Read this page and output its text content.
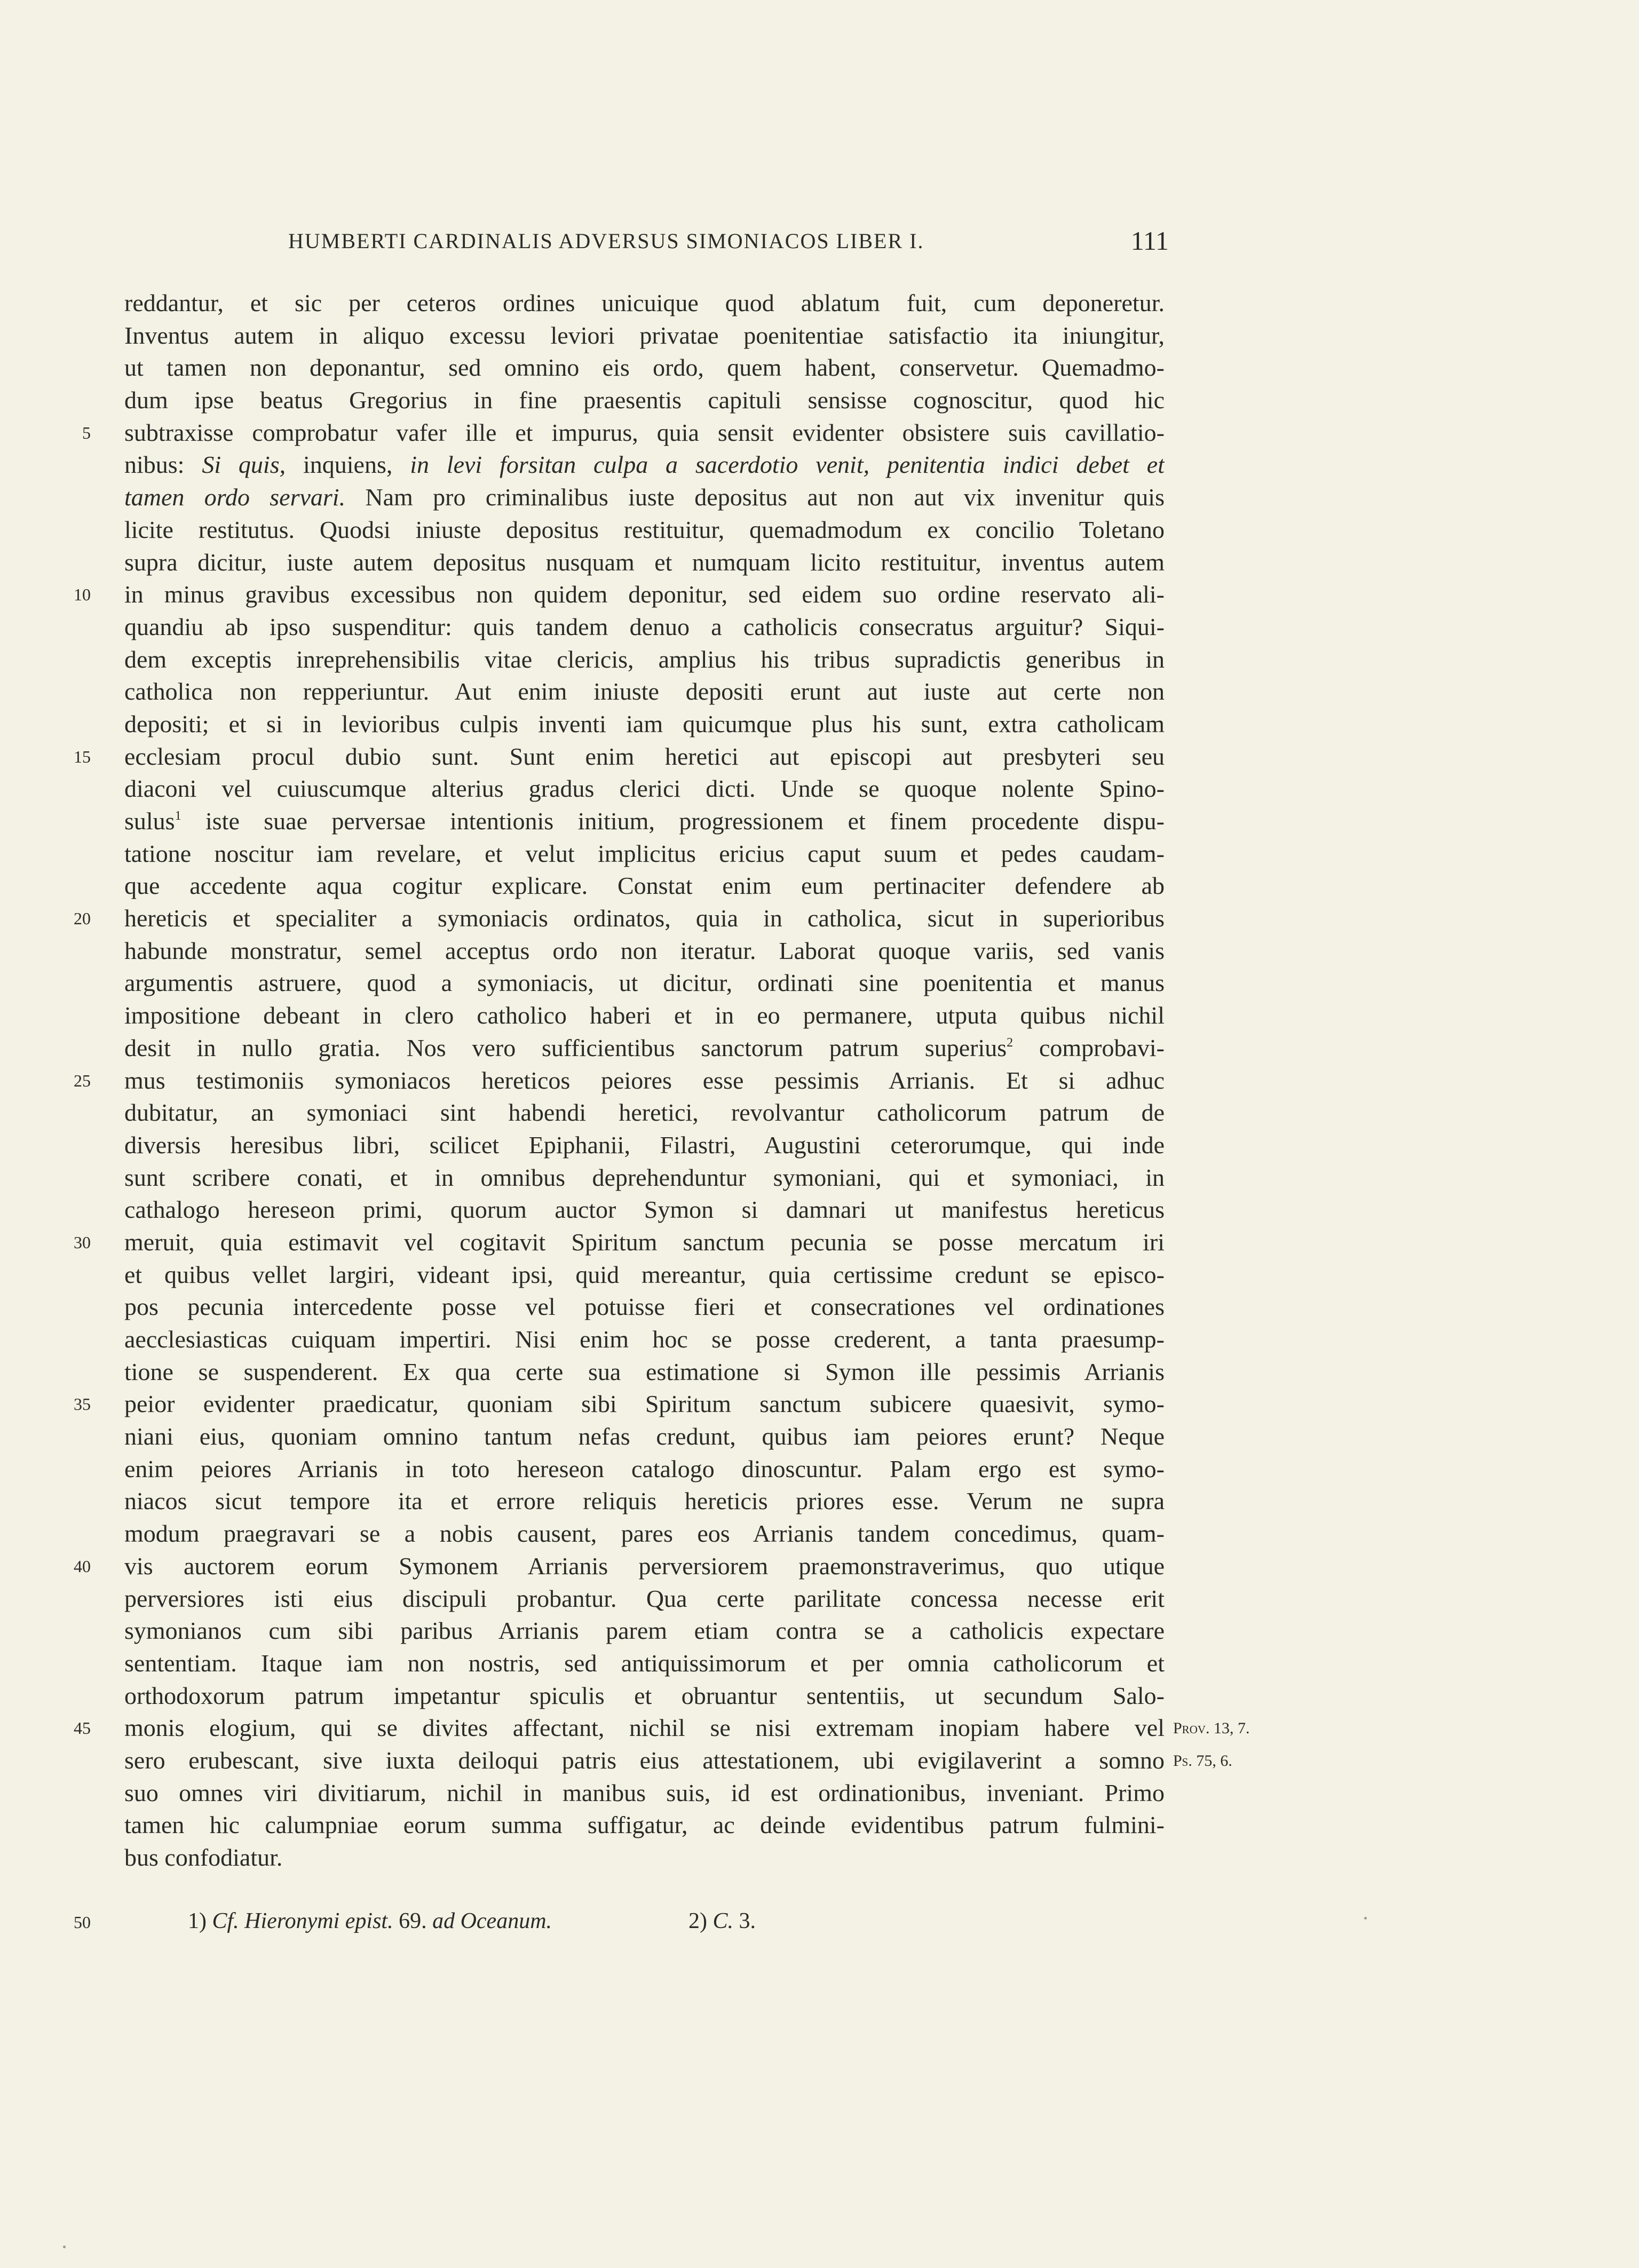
HUMBERTI CARDINALIS ADVERSUS SIMONIACOS LIBER I.	111
reddantur, et sic per ceteros ordines unicuique quod ablatum fuit, cum deponeretur.
Inventus autem in aliquo excessu leviori privatae poenitentiae satisfactio ita iniungitur,
ut tamen non deponantur, sed omnino eis ordo, quem habent, conservetur. Quemadmo-
dum ipse beatus Gregorius in fine praesentis capituli sensisse cognoscitur, quod hic
5 subtraxisse comprobatur vafer ille et impurus, quia sensit evidenter obsistere suis cavillatio-
nibus: Si quis, inquiens, in levi forsitan culpa a sacerdotio venit, penitentia indici debet et
tamen ordo servari. Nam pro criminalibus iuste depositus aut non aut vix invenitur quis
licite restitutus. Quodsi iniuste depositus restituitur, quemadmodum ex concilio Toletano
supra dicitur, iuste autem depositus nusquam et numquam licito restituitur, inventus autem
10 in minus gravibus excessibus non quidem deponitur, sed eidem suo ordine reservato ali-
quandiu ab ipso suspenditur: quis tandem denuo a catholicis consecratus arguitur? Siqui-
dem exceptis inreprehensibilis vitae clericis, amplius his tribus supradictis generibus in
catholica non repperiuntur. Aut enim iniuste depositi erunt aut iuste aut certe non
depositi; et si in levioribus culpis inventi iam quicumque plus his sunt, extra catholicam
15 ecclesiam procul dubio sunt. Sunt enim heretici aut episcopi aut presbyteri seu
diaconi vel cuiuscumque alterius gradus clerici dicti. Unde se quoque nolente Spino-
sulus$^1$ iste suae perversae intentionis initium, progressionem et finem procedente dispu-
tatione noscitur iam revelare, et velut implicitus ericius caput suum et pedes caudam-
que accedente aqua cogitur explicare. Constat enim eum pertinaciter defendere ab
20 hereticis et specialiter a symoniacis ordinatos, quia in catholica, sicut in superioribus
habunde monstratur, semel acceptus ordo non iteratur. Laborat quoque variis, sed vanis
argumentis astruere, quod a symoniacis, ut dicitur, ordinati sine poenitentia et manus
impositione debeant in clero catholico haberi et in eo permanere, utputa quibus nichil
desit in nullo gratia. Nos vero sufficientibus sanctorum patrum superius$^2$ comprobavi-
25 mus testimoniis symoniacos hereticos peiores esse pessimis Arrianis. Et si adhuc
dubitatur, an symoniaci sint habendi heretici, revolvantur catholicorum patrum de
diversis heresibus libri, scilicet Epiphanii, Filastri, Augustini ceterorumque, qui inde
sunt scribere conati, et in omnibus deprehenduntur symoniani, qui et symoniaci, in
cathalogo hereseon primi, quorum auctor Symon si damnari ut manifestus hereticus
30 meruit, quia estimavit vel cogitavit Spiritum sanctum pecunia se posse mercatum iri
et quibus vellet largiri, videant ipsi, quid mereantur, quia certissime credunt se episco-
pos pecunia intercedente posse vel potuisse fieri et consecrationes vel ordinationes
aecclesiasticas cuiquam impertiri. Nisi enim hoc se posse crederent, a tanta praesump-
tione se suspenderent. Ex qua certe sua estimatione si Symon ille pessimis Arrianis
35 peior evidenter praedicatur, quoniam sibi Spiritum sanctum subicere quaesivit, symo-
niani eius, quoniam omnino tantum nefas credunt, quibus iam peiores erunt? Neque
enim peiores Arrianis in toto hereseon catalogo dinoscuntur. Palam ergo est symo-
niacos sicut tempore ita et errore reliquis hereticis priores esse. Verum ne supra
modum praegravari se a nobis causent, pares eos Arrianis tandem concedimus, quam-
40 vis auctorem eorum Symonem Arrianis perversiorem praemonstraverimus, quo utique
perversiores isti eius discipuli probantur. Qua certe parilitate concessa necesse erit
symonianos cum sibi paribus Arrianis parem etiam contra se a catholicis expectare
sententiam. Itaque iam non nostris, sed antiquissimorum et per omnia catholicorum et
orthodoxorum patrum impetantur spiculis et obruantur sententiis, ut secundum Salo-
45 monis elogium, qui se divites affectant, nichil se nisi extremam inopiam habere vel Prov. 13, 7.
sero erubescant, sive iuxta deiloqui patris eius attestationem, ubi evigilaverint a somno Ps. 75, 6.
suo omnes viri divitiarum, nichil in manibus suis, id est ordinationibus, inveniant. Primo
tamen hic calumpniae eorum summa suffigatur, ac deinde evidentibus patrum fulmini-
bus confodiatur.
50	1) Cf. Hieronymi epist. 69. ad Oceanum.	2) C. 3.
